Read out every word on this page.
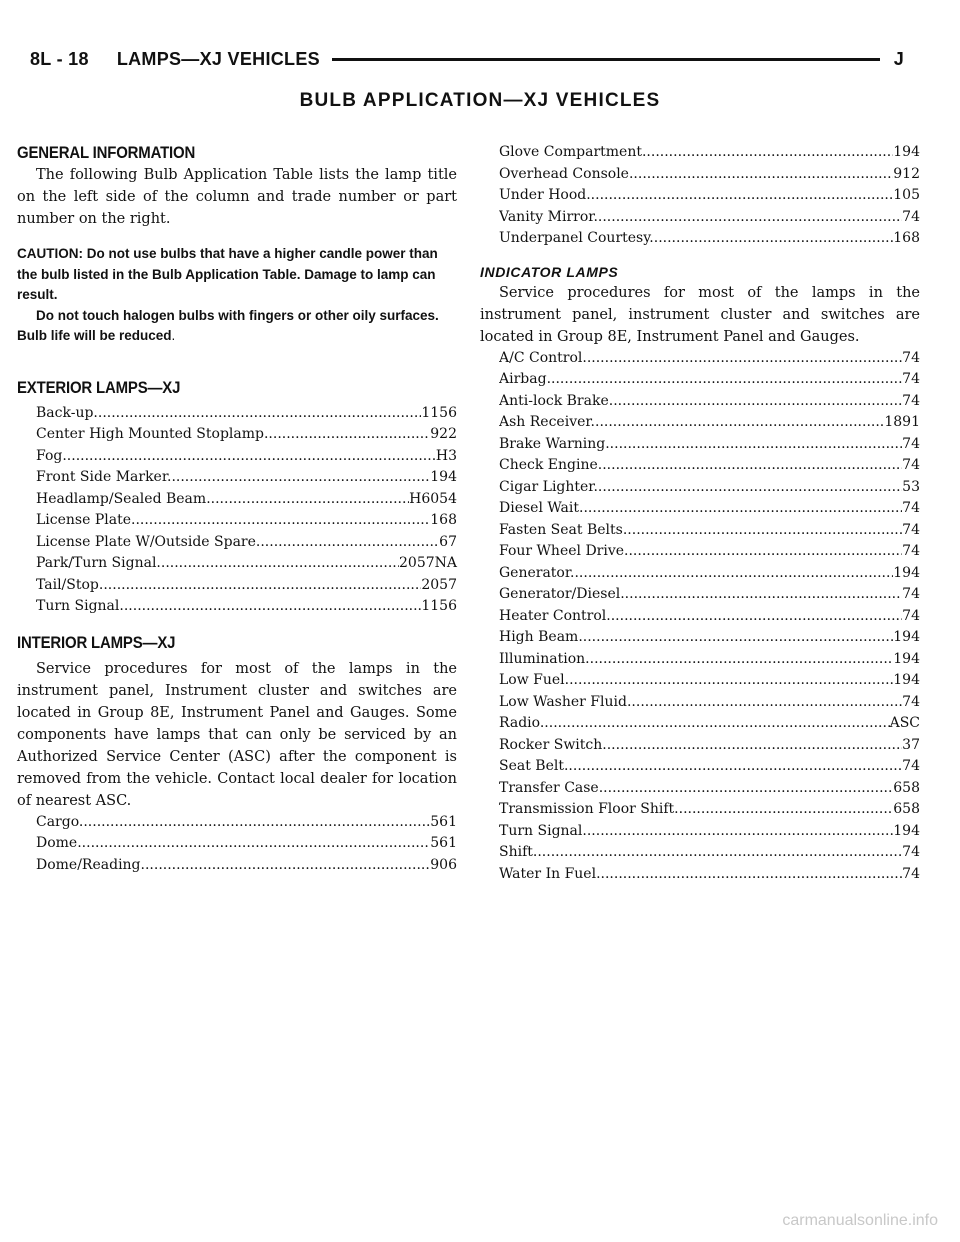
8L - 18 LAMPS—XJ VEHICLES	J
BULB APPLICATION—XJ VEHICLES
GENERAL INFORMATION

The following Bulb Application Table lists the lamp title on the left side of the column and trade number or part number on the right.

CAUTION: Do not use bulbs that have a higher candle power than the bulb listed in the Bulb Application Table. Damage to lamp can result.
Do not touch halogen bulbs with fingers or other oily surfaces. Bulb life will be reduced.

EXTERIOR LAMPS—XJ
Back-up .....	1156
Center High Mounted Stoplamp .....	922
Fog .....	H3
Front Side Marker .....	194
Headlamp/Sealed Beam .....	H6054
License Plate .....	168
License Plate W/Outside Spare .....	67
Park/Turn Signal .....	2057NA
Tail/Stop .....	2057
Turn Signal .....	1156
INTERIOR LAMPS—XJ

Service procedures for most of the lamps in the instrument panel, Instrument cluster and switches are located in Group 8E, Instrument Panel and Gauges. Some components have lamps that can only be serviced by an Authorized Service Center (ASC) after the component is removed from the vehicle. Contact local dealer for location of nearest ASC.

Cargo .....	561
Dome .....	561
Dome/Reading .....	906
Glove Compartment .....	194
Overhead Console .....	912
Under Hood .....	105
Vanity Mirror .....	74
Underpanel Courtesy .....	168
INDICATOR LAMPS

Service procedures for most of the lamps in the instrument panel, instrument cluster and switches are located in Group 8E, Instrument Panel and Gauges.

A/C Control .....	74
Airbag .....	74
Anti-lock Brake .....	74
Ash Receiver .....	1891
Brake Warning .....	74
Check Engine .....	74
Cigar Lighter .....	53
Diesel Wait .....	74
Fasten Seat Belts .....	74
Four Wheel Drive .....	74
Generator .....	194
Generator/Diesel .....	74
Heater Control .....	74
High Beam .....	194
Illumination .....	194
Low Fuel .....	194
Low Washer Fluid .....	74
Radio .....	ASC
Rocker Switch .....	37
Seat Belt .....	74
Transfer Case .....	658
Transmission Floor Shift .....	658
Turn Signal .....	194
Shift .....	74
Water In Fuel .....	74
carmanualsonline.info
